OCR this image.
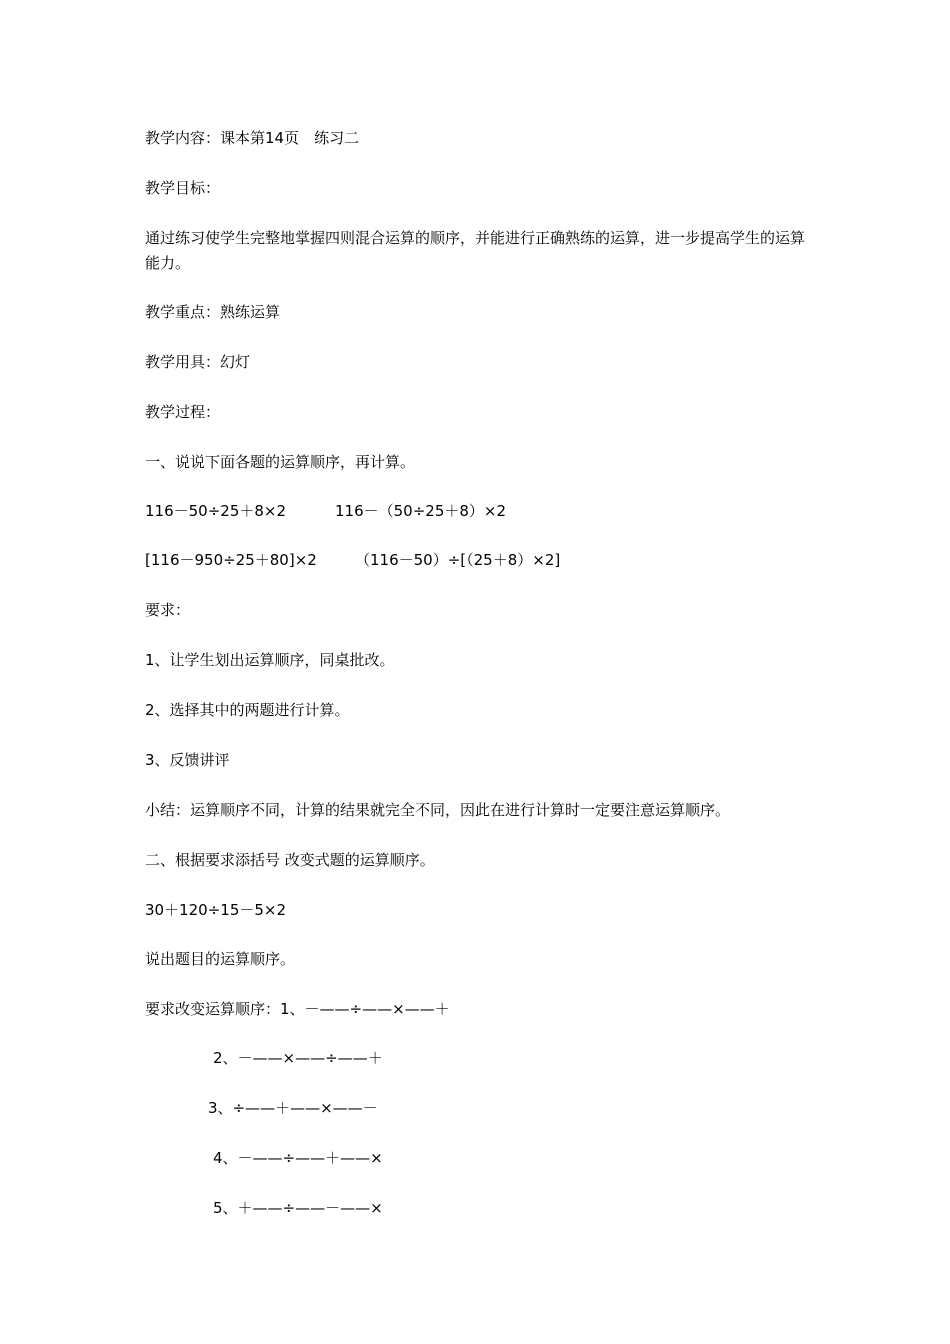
教学内容：课本第14页　练习二

教学目标：

通过练习使学生完整地掌握四则混合运算的顺序，并能进行正确熟练的运算，进一步提高学生的运算能力。

教学重点：熟练运算

教学用具：幻灯

教学过程：

一、说说下面各题的运算顺序，再计算。

116－50÷25＋8×2	116－（50÷25＋8）×2
[116－950÷25＋80]×2	（116－50）÷[（25＋8）×2]

要求：

1、让学生划出运算顺序，同桌批改。

2、选择其中的两题进行计算。

3、反馈讲评

小结：运算顺序不同，计算的结果就完全不同，因此在进行计算时一定要注意运算顺序。

二、根据要求添括号 改变式题的运算顺序。

30＋120÷15－5×2

说出题目的运算顺序。

要求改变运算顺序：1、－——÷——×——＋

2、－——×——÷——＋

3、÷——＋——×——－

4、－——÷——＋——×

5、＋——÷——－——×
